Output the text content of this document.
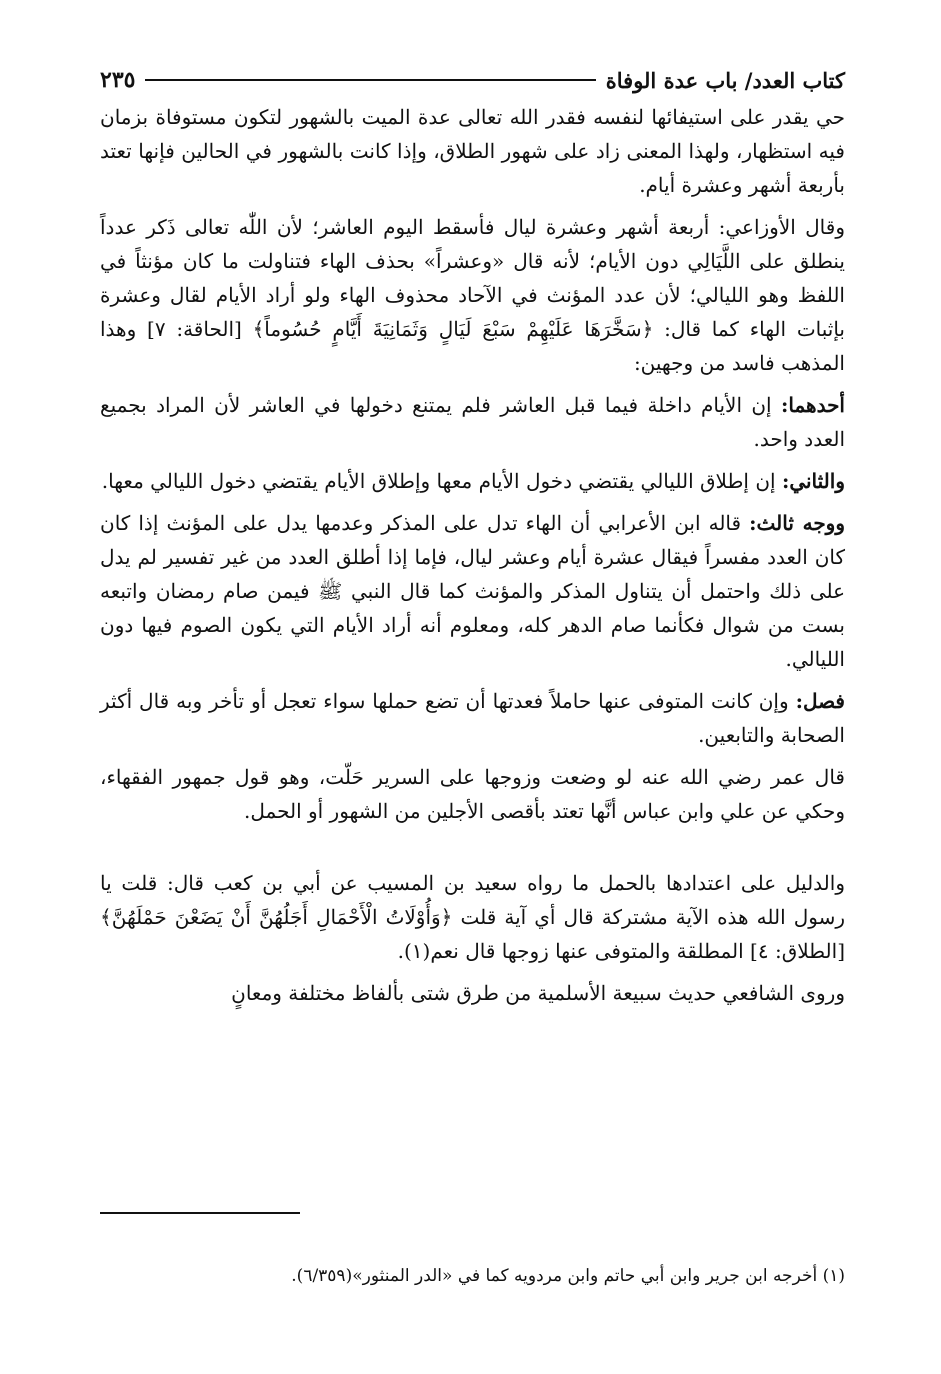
كتاب العدد/ باب عدة الوفاة
٢٣٥

حي يقدر على استيفائها لنفسه فقدر الله تعالى عدة الميت بالشهور لتكون مستوفاة بزمان فيه استظهار، ولهذا المعنى زاد على شهور الطلاق، وإذا كانت بالشهور في الحالين فإنها تعتد بأربعة أشهر وعشرة أيام.

وقال الأوزاعي: أربعة أشهر وعشرة ليال فأسقط اليوم العاشر؛ لأن اللّٰه تعالى ذَكر عدداً ينطلق على اللَّيَالِي دون الأيام؛ لأنه قال «وعشراً» بحذف الهاء فتناولت ما كان مؤنثاً في اللفظ وهو الليالي؛ لأن عدد المؤنث في الآحاد محذوف الهاء ولو أراد الأيام لقال وعشرة بإثبات الهاء كما قال: ﴿سَخَّرَهَا عَلَيْهِمْ سَبْعَ لَيَالٍ وَثَمَانِيَةَ أَيَّامٍ حُسُوماً﴾ [الحاقة: ٧] وهذا المذهب فاسد من وجهين:

أحدهما: إن الأيام داخلة فيما قبل العاشر فلم يمتنع دخولها في العاشر لأن المراد بجميع العدد واحد.

والثاني: إن إطلاق الليالي يقتضي دخول الأيام معها وإطلاق الأيام يقتضي دخول الليالي معها.

ووجه ثالث: قاله ابن الأعرابي أن الهاء تدل على المذكر وعدمها يدل على المؤنث إذا كان كان العدد مفسراً فيقال عشرة أيام وعشر ليال، فإما إذا أطلق العدد من غير تفسير لم يدل على ذلك واحتمل أن يتناول المذكر والمؤنث كما قال النبي ﷺ فيمن صام رمضان واتبعه بست من شوال فكأنما صام الدهر كله، ومعلوم أنه أراد الأيام التي يكون الصوم فيها دون الليالي.

فصل: وإن كانت المتوفى عنها حاملاً فعدتها أن تضع حملها سواء تعجل أو تأخر وبه قال أكثر الصحابة والتابعين.

قال عمر رضي الله عنه لو وضعت وزوجها على السرير حَلّت، وهو قول جمهور الفقهاء، وحكي عن علي وابن عباس أنَّها تعتد بأقصى الأجلين من الشهور أو الحمل.

والدليل على اعتدادها بالحمل ما رواه سعيد بن المسيب عن أبي بن كعب قال: قلت يا رسول الله هذه الآية مشتركة قال أي آية قلت ﴿وَأُوْلَاتُ الْأَحْمَالِ أَجَلُهُنَّ أَنْ يَضَعْنَ حَمْلَهُنَّ﴾ [الطلاق: ٤] المطلقة والمتوفى عنها زوجها قال نعم(١).

وروى الشافعي حديث سبيعة الأسلمية من طرق شتى بألفاظ مختلفة ومعانٍ

(١) أخرجه ابن جرير وابن أبي حاتم وابن مردويه كما في «الدر المنثور»(٦/٣٥٩).
